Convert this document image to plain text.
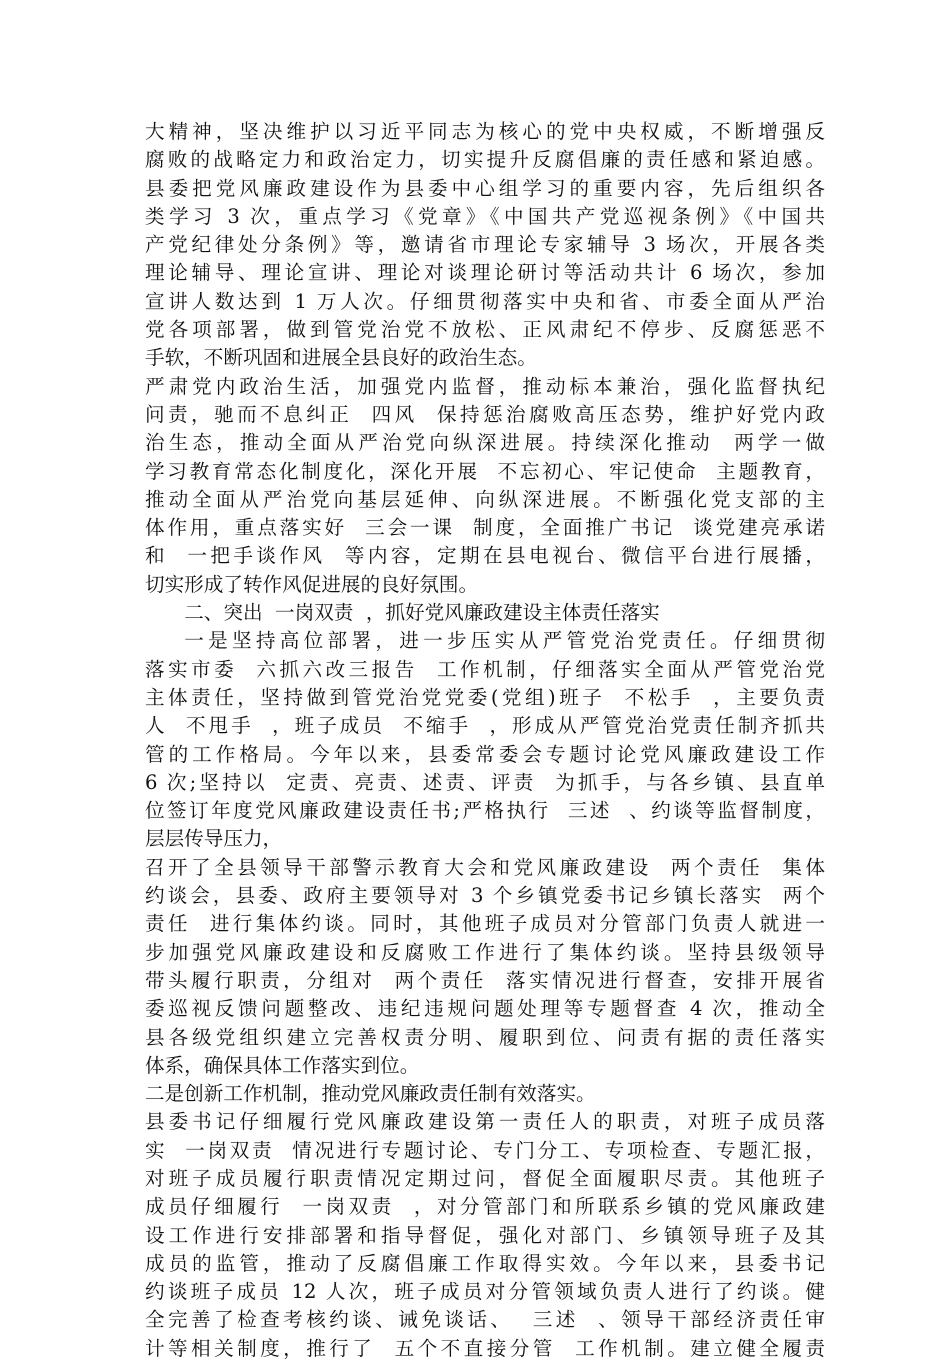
大精神，坚决维护以习近平同志为核心的党中央权威，不断增强反
腐败的战略定力和政治定力，切实提升反腐倡廉的责任感和紧迫感。
县委把党风廉政建设作为县委中心组学习的重要内容，先后组织各
类学习 3 次，重点学习《党章》《中国共产党巡视条例》《中国共
产党纪律处分条例》等，邀请省市理论专家辅导 3 场次，开展各类
理论辅导、理论宣讲、理论对谈理论研讨等活动共计 6 场次，参加
宣讲人数达到 1 万人次。仔细贯彻落实中央和省、市委全面从严治
党各项部署，做到管党治党不放松、正风肃纪不停步、反腐惩恶不
手软，不断巩固和进展全县良好的政治生态。
严肃党内政治生活，加强党内监督，推动标本兼治，强化监督执纪
问责，驰而不息纠正  四风  保持惩治腐败高压态势，维护好党内政
治生态，推动全面从严治党向纵深进展。持续深化推动  两学一做
学习教育常态化制度化，深化开展  不忘初心、牢记使命  主题教育，
推动全面从严治党向基层延伸、向纵深进展。不断强化党支部的主
体作用，重点落实好  三会一课  制度，全面推广书记  谈党建亮承诺
和  一把手谈作风  等内容，定期在县电视台、微信平台进行展播，
切实形成了转作风促进展的良好氛围。
二、突出  一岗双责  ，抓好党风廉政建设主体责任落实
一是坚持高位部署，进一步压实从严管党治党责任。仔细贯彻
落实市委  六抓六改三报告  工作机制，仔细落实全面从严管党治党
主体责任，坚持做到管党治党党委(党组)班子  不松手  ，主要负责
人  不甩手  ，班子成员  不缩手  ，形成从严管党治党责任制齐抓共
管的工作格局。今年以来，县委常委会专题讨论党风廉政建设工作
6 次;坚持以  定责、亮责、述责、评责  为抓手，与各乡镇、县直单
位签订年度党风廉政建设责任书;严格执行  三述  、约谈等监督制度，
层层传导压力，
召开了全县领导干部警示教育大会和党风廉政建设  两个责任  集体
约谈会，县委、政府主要领导对 3 个乡镇党委书记乡镇长落实  两个
责任  进行集体约谈。同时，其他班子成员对分管部门负责人就进一
步加强党风廉政建设和反腐败工作进行了集体约谈。坚持县级领导
带头履行职责，分组对  两个责任  落实情况进行督查，安排开展省
委巡视反馈问题整改、违纪违规问题处理等专题督查 4 次，推动全
县各级党组织建立完善权责分明、履职到位、问责有据的责任落实
体系，确保具体工作落实到位。
二是创新工作机制，推动党风廉政责任制有效落实。
县委书记仔细履行党风廉政建设第一责任人的职责，对班子成员落
实  一岗双责  情况进行专题讨论、专门分工、专项检查、专题汇报，
对班子成员履行职责情况定期过问，督促全面履职尽责。其他班子
成员仔细履行  一岗双责  ，对分管部门和所联系乡镇的党风廉政建
设工作进行安排部署和指导督促，强化对部门、乡镇领导班子及其
成员的监管，推动了反腐倡廉工作取得实效。今年以来，县委书记
约谈班子成员 12 人次，班子成员对分管领域负责人进行了约谈。健
全完善了检查考核约谈、诫免谈话、  三述  、领导干部经济责任审
计等相关制度，推行了  五个不直接分管  工作机制。建立健全履责
